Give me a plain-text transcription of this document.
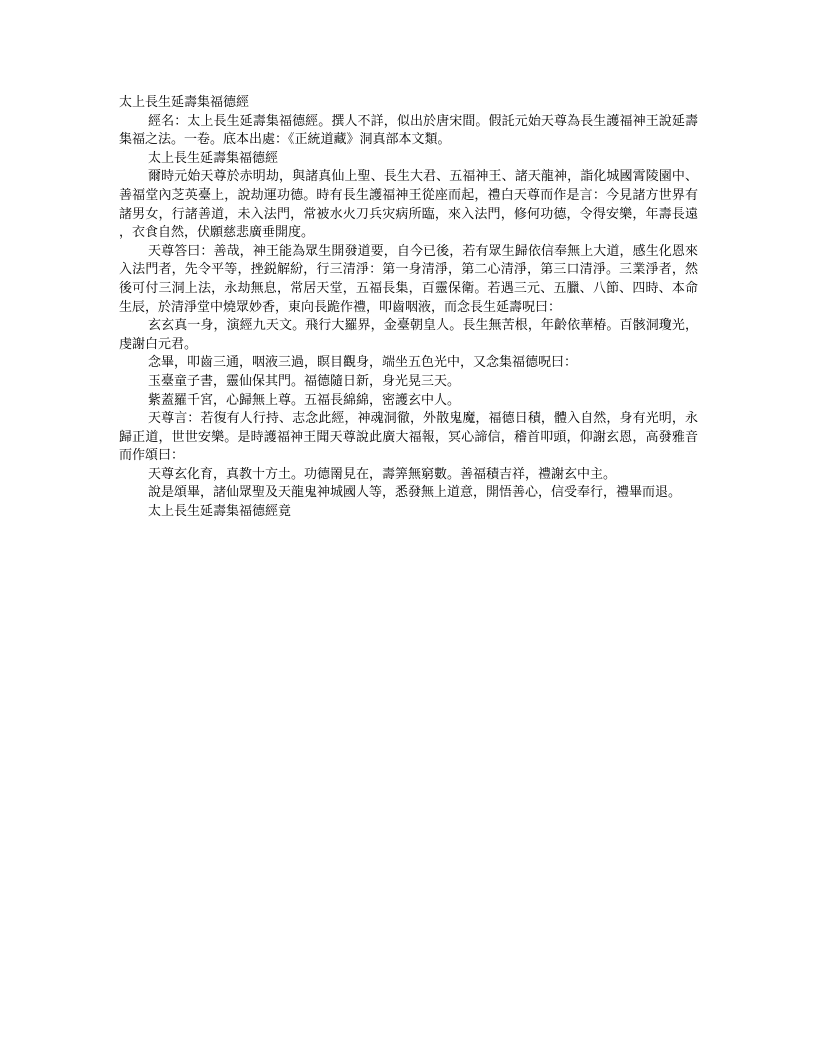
太上長生延壽集福德經
經名：太上長生延壽集福德經。撰人不詳，似出於唐宋間。假託元始天尊為長生護福神王說延壽集福之法。一卷。底本出處：《正統道藏》洞真部本文類。
太上長生延壽集福德經
爾時元始天尊於赤明劫，與諸真仙上聖、長生大君、五福神王、諸天龍神，詣化城國霄陵園中、善福堂內芝英臺上，說劫運功德。時有長生護福神王從座而起，禮白天尊而作是言：今見諸方世界有諸男女，行諸善道，未入法門，常被水火刀兵灾病所臨，來入法門，修何功德，令得安樂，年壽長遠，衣食自然，伏願慈悲廣垂開度。
天尊答曰：善哉，神王能為眾生開發道要，自今已後，若有眾生歸依信奉無上大道，感生化恩來入法門者，先令平等，挫鋭解紛，行三清淨：第一身清淨，第二心清淨，第三口清淨。三業淨者，然後可付三洞上法，永劫無息，常居天堂，五福長集，百靈保衛。若遇三元、五臘、八節、四時、本命生辰，於清淨堂中燒眾妙香，東向長跪作禮，叩齒咽液，而念長生延壽呪曰：
玄玄真一身，演經九天文。飛行大羅界，金臺朝皇人。長生無苦根，年齡依華椿。百骸洞瓊光，虔謝白元君。
念畢，叩齒三通，咽液三過，瞑目觀身，端坐五色光中，又念集福德呪曰：
玉臺童子書，靈仙保其門。福德隨日新，身光晃三天。
紫蓋羅千宮，心歸無上尊。五福長綿綿，密護玄中人。
天尊言：若復有人行持、志念此經，神魂洞徹，外散鬼魔，福德日積，體入自然，身有光明，永歸正道，世世安樂。是時護福神王聞天尊說此廣大福報，冥心諦信，稽首叩頭，仰謝玄恩，高發雅音而作頌曰：
天尊玄化育，真教十方土。功德罱見在，壽筭無窮數。善福積吉祥，禮謝玄中主。
說是頌畢，諸仙眾聖及天龍鬼神城國人等，悉發無上道意，開悟善心，信受奉行，禮畢而退。
太上長生延壽集福德經竟
